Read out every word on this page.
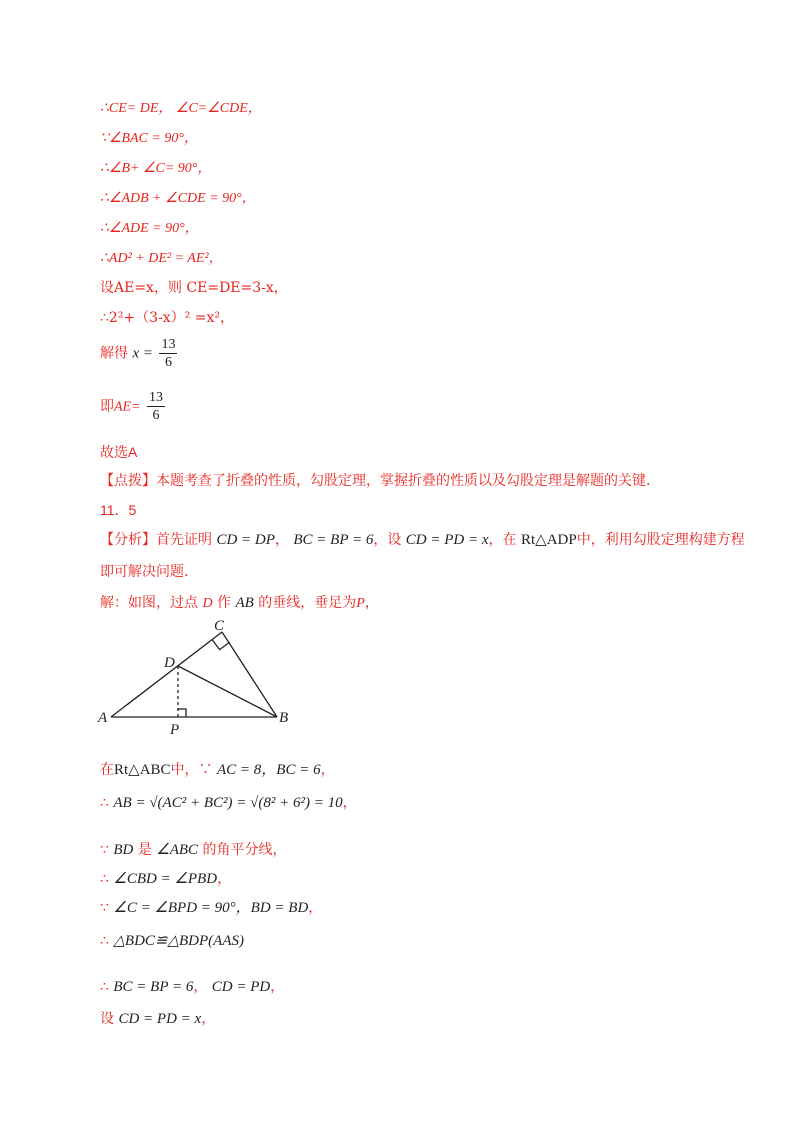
∴CE= DE， ∠C=∠CDE，
∵∠BAC = 90°，
∴∠B+ ∠C= 90°，
∴∠ADB + ∠CDE = 90°，
∴∠ADE = 90°，
∴AD² + DE² = AE²，
设AE=x，则 CE=DE=3-x，
∴2²+（3-x）² =x²，
解得 $x = \frac{13}{6}$
即$AE= \frac{13}{6}$
故选A
【点拨】本题考查了折叠的性质，勾股定理，掌握折叠的性质以及勾股定理是解题的关键.
11．5
【分析】首先证明 CD = DP， BC = BP = 6，设 CD = PD = x，在 Rt△ADP中，利用勾股定理构建方程
即可解决问题.
解：如图，过点 D 作 AB 的垂线，垂足为P，
A	B
C
D
P
在Rt△ABC中，∵ AC = 8，BC = 6，
∴ AB = √(AC² + BC²) = √(8² + 6²) = 10，
∵ BD 是 ∠ABC 的角平分线，
∴ ∠CBD = ∠PBD，
∵ ∠C = ∠BPD = 90°，BD = BD，
∴ △BDC≌△BDP(AAS)
∴ BC = BP = 6， CD = PD，
设 CD = PD = x，
